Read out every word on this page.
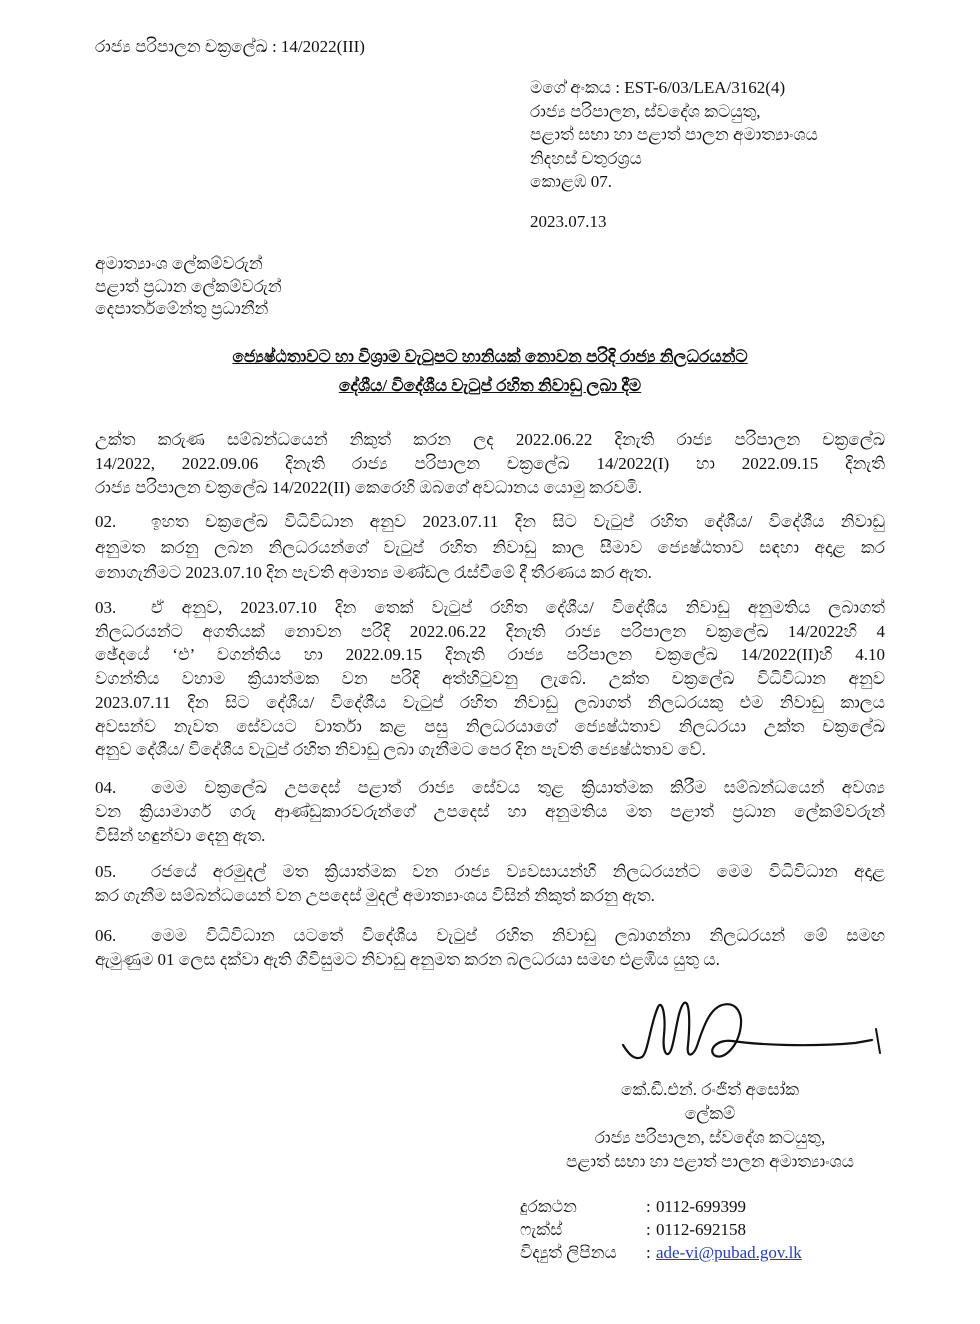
රාජ්‍ය පරිපාලන චක්‍රලේඛ : 14/2022(III)
මගේ අංකය : EST-6/03/LEA/3162(4)
රාජ්‍ය පරිපාලන, ස්වදේශ කටයුතු,
පළාත් සභා හා පළාත් පාලන අමාත්‍යාංශය
නිදහස් චතුරශ්‍රය
කොළඹ 07.
2023.07.13
අමාත්‍යාංශ ලේකම්වරුන්
පළාත් ප්‍රධාන ලේකම්වරුන්
දෙපාර්තමේන්තු ප්‍රධානීන්
ජ්‍යෙෂ්ඨතාවට හා විශ්‍රාම වැටුපට හානියක් නොවන පරිදි රාජ්‍ය නිලධරයන්ට
දේශීය/ විදේශීය වැටුප් රහිත නිවාඩු ලබා දීම
උක්ත කරුණ සම්බන්ධයෙන් නිකුත් කරන ලද 2022.06.22 දිනැති රාජ්‍ය පරිපාලන චක්‍රලේඛ
14/2022, 2022.09.06 දිනැති රාජ්‍ය පරිපාලන චක්‍රලේඛ 14/2022(I) හා 2022.09.15 දිනැති
රාජ්‍ය පරිපාලන චක්‍රලේඛ 14/2022(II) කෙරෙහි ඔබගේ අවධානය යොමු කරවමි.
02. ඉහත චක්‍රලේඛ විධිවිධාන අනුව 2023.07.11 දින සිට වැටුප් රහිත දේශීය/ විදේශීය නිවාඩු
අනුමත කරනු ලබන නිලධරයන්ගේ වැටුප් රහිත නිවාඩු කාල සීමාව ජ්‍යෙෂ්ඨතාව සඳහා අදාළ කර
නොගැනීමට 2023.07.10 දින පැවති අමාත්‍ය මණ්ඩල රැස්වීමේ දී තීරණය කර ඇත.
03. ඒ අනුව, 2023.07.10 දින තෙක් වැටුප් රහිත දේශීය/ විදේශීය නිවාඩු අනුමතිය ලබාගත්
නිලධරයන්ට අගතියක් නොවන පරිදි 2022.06.22 දිනැති රාජ්‍ය පරිපාලන චක්‍රලේඛ 14/2022හි 4
ඡේදයේ ‘එ’ වගන්තිය හා 2022.09.15 දිනැති රාජ්‍ය පරිපාලන චක්‍රලේඛ 14/2022(II)හි 4.10
වගන්තිය වහාම ක්‍රියාත්මක වන පරිදි අත්හිටුවනු ලැබේ. උක්ත චක්‍රලේඛ විධිවිධාන අනුව
2023.07.11 දින සිට දේශීය/ විදේශීය වැටුප් රහිත නිවාඩු ලබාගත් නිලධරයකු එම නිවාඩු කාලය
අවසන්ව නැවත සේවයට වාර්තා කළ පසු නිලධරයාගේ ජ්‍යෙෂ්ඨතාව නිලධරයා උක්ත චක්‍රලේඛ
අනුව දේශීය/ විදේශීය වැටුප් රහිත නිවාඩු ලබා ගැනීමට පෙර දින පැවති ජ්‍යෙෂ්ඨතාව වේ.
04. මෙම චක්‍රලේඛ උපදෙස් පළාත් රාජ්‍ය සේවය තුළ ක්‍රියාත්මක කිරීම සම්බන්ධයෙන් අවශ්‍ය
වන ක්‍රියාමාර්ග ගරු ආණ්ඩුකාරවරුන්ගේ උපදෙස් හා අනුමතිය මත පළාත් ප්‍රධාන ලේකම්වරුන්
විසින් හඳුන්වා දෙනු ඇත.
05. රජයේ අරමුදල් මත ක්‍රියාත්මක වන රාජ්‍ය ව්‍යවසායන්හි නිලධරයන්ට මෙම විධිවිධාන අදාළ
කර ගැනීම සම්බන්ධයෙන් වන උපදෙස් මුදල් අමාත්‍යාංශය විසින් නිකුත් කරනු ඇත.
06. මෙම විධිවිධාන යටතේ විදේශීය වැටුප් රහිත නිවාඩු ලබාගන්නා නිලධරයන් මේ සමඟ
ඇමුණුම 01 ලෙස දක්වා ඇති ගිවිසුමට නිවාඩු අනුමත කරන බලධරයා සමඟ එළඹිය යුතු ය.
කේ.ඩී.එන්. රංජිත් අසෝක
ලේකම්
රාජ්‍ය පරිපාලන, ස්වදේශ කටයුතු,
පළාත් සභා හා පළාත් පාලන අමාත්‍යාංශය
දුරකථන	: 0112-699399
ෆැක්ස්	: 0112-692158
විද්‍යුත් ලිපිනය : ade-vi@pubad.gov.lk
